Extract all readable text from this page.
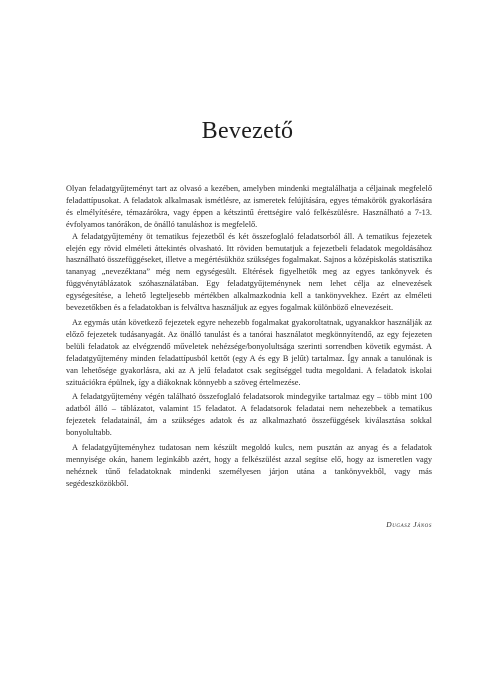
Bevezető

Olyan feladatgyűjteményt tart az olvasó a kezében, amelyben mindenki megtalálhatja a céljainak megfelelő feladattípusokat. A feladatok alkalmasak ismétlésre, az ismeretek felújítására, egyes témakörök gyakorlására és elmélyítésére, témazárókra, vagy éppen a kétszintű érettségire való felkészülésre. Használható a 7-13. évfolyamos tanórákon, de önálló tanuláshoz is megfelelő.

A feladatgyűjtemény öt tematikus fejezetből és két összefoglaló feladatsorból áll. A tematikus fejezetek elején egy rövid elméleti áttekintés olvasható. Itt röviden bemutatjuk a fejezetbeli feladatok megoldásához használható összefüggéseket, illetve a megértésükhöz szükséges fogalmakat. Sajnos a középiskolás statisztika tananyag „nevezéktana” még nem egységesült. Eltérések figyelhetők meg az egyes tankönyvek és függvénytáblázatok szóhasználatában. Egy feladatgyűjteménynek nem lehet célja az elnevezések egységesítése, a lehető legteljesebb mértékben alkalmazkodnia kell a tankönyvekhez. Ezért az elméleti bevezetőkben és a feladatokban is felváltva használjuk az egyes fogalmak különböző elnevezéseit.

Az egymás után következő fejezetek egyre nehezebb fogalmakat gyakoroltatnak, ugyanakkor használják az előző fejezetek tudásanyagát. Az önálló tanulást és a tanórai használatot megkönnyítendő, az egy fejezeten belüli feladatok az elvégzendő műveletek nehézsége/bonyolultsága szerinti sorrendben követik egymást. A feladatgyűjtemény minden feladattípusból kettőt (egy A és egy B jelűt) tartalmaz. Így annak a tanulónak is van lehetősége gyakorlásra, aki az A jelű feladatot csak segítséggel tudta megoldani. A feladatok iskolai szituációkra épülnek, így a diákoknak könnyebb a szöveg értelmezése.

A feladatgyűjtemény végén található összefoglaló feladatsorok mindegyike tartalmaz egy – több mint 100 adatból álló – táblázatot, valamint 15 feladatot. A feladatsorok feladatai nem nehezebbek a tematikus fejezetek feladatainál, ám a szükséges adatok és az alkalmazható összefüggések kiválasztása sokkal bonyolultabb.

A feladatgyűjteményhez tudatosan nem készült megoldó kulcs, nem pusztán az anyag és a feladatok mennyisége okán, hanem leginkább azért, hogy a felkészülést azzal segítse elő, hogy az ismeretlen vagy nehéznek tűnő feladatoknak mindenki személyesen járjon utána a tankönyvekből, vagy más segédeszközökből.

Dugasz János
